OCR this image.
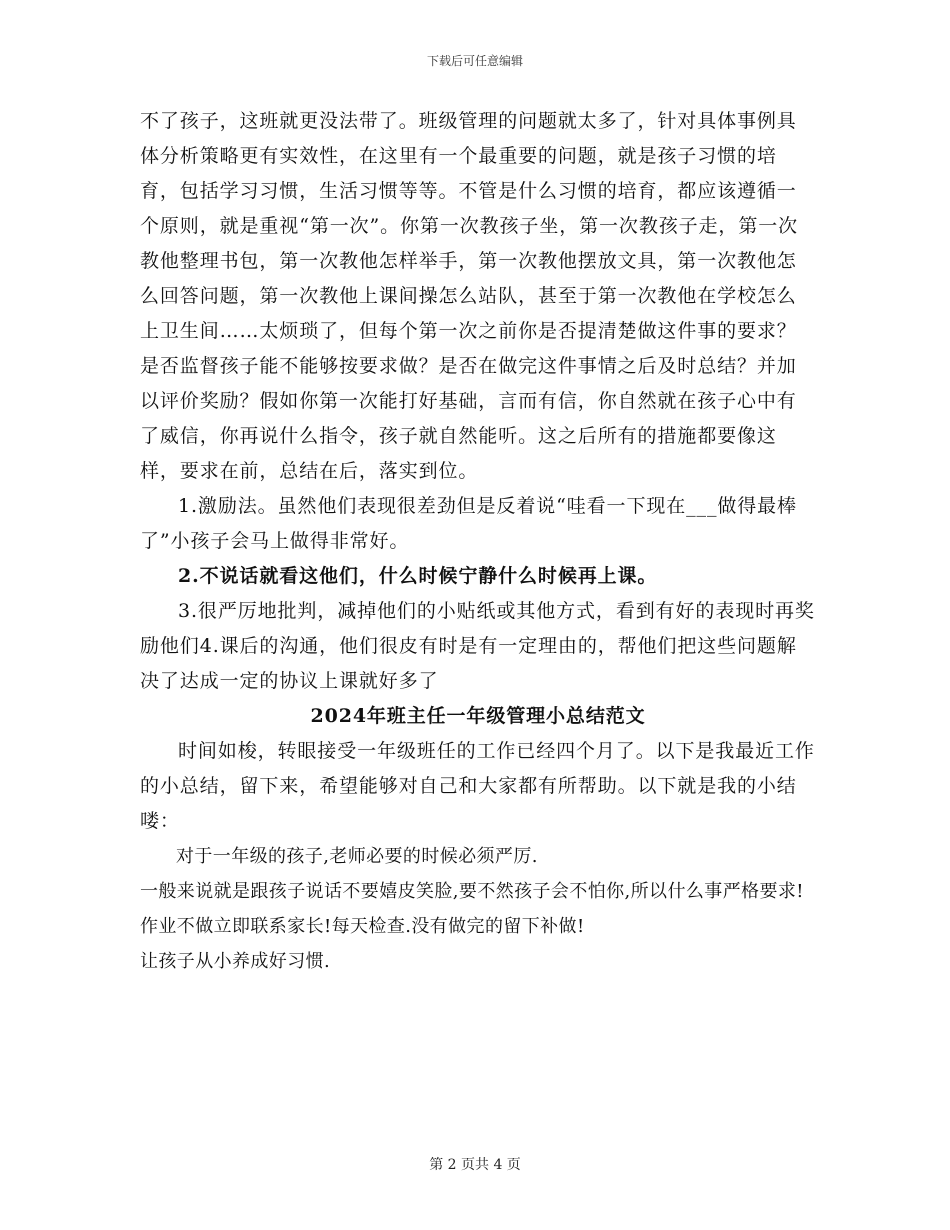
下载后可任意编辑

不了孩子，这班就更没法带了。班级管理的问题就太多了，针对具体事例具体分析策略更有实效性，在这里有一个最重要的问题，就是孩子习惯的培育，包括学习习惯，生活习惯等等。不管是什么习惯的培育，都应该遵循一个原则，就是重视“第一次”。你第一次教孩子坐，第一次教孩子走，第一次教他整理书包，第一次教他怎样举手，第一次教他摆放文具，第一次教他怎么回答问题，第一次教他上课间操怎么站队，甚至于第一次教他在学校怎么上卫生间……太烦琐了，但每个第一次之前你是否提清楚做这件事的要求？是否监督孩子能不能够按要求做？是否在做完这件事情之后及时总结？并加以评价奖励？假如你第一次能打好基础，言而有信，你自然就在孩子心中有了威信，你再说什么指令，孩子就自然能听。这之后所有的措施都要像这样，要求在前，总结在后，落实到位。

1.激励法。虽然他们表现很差劲但是反着说“哇看一下现在___做得最棒了”小孩子会马上做得非常好。

2.不说话就看这他们，什么时候宁静什么时候再上课。

3.很严厉地批判，减掉他们的小贴纸或其他方式，看到有好的表现时再奖励他们4.课后的沟通，他们很皮有时是有一定理由的，帮他们把这些问题解决了达成一定的协议上课就好多了

2024年班主任一年级管理小总结范文

时间如梭，转眼接受一年级班任的工作已经四个月了。以下是我最近工作的小总结，留下来，希望能够对自己和大家都有所帮助。以下就是我的小结喽：

对于一年级的孩子,老师必要的时候必须严厉.

一般来说就是跟孩子说话不要嬉皮笑脸,要不然孩子会不怕你,所以什么事严格要求!

作业不做立即联系家长!每天检查.没有做完的留下补做!

让孩子从小养成好习惯.

第 2 页共 4 页
